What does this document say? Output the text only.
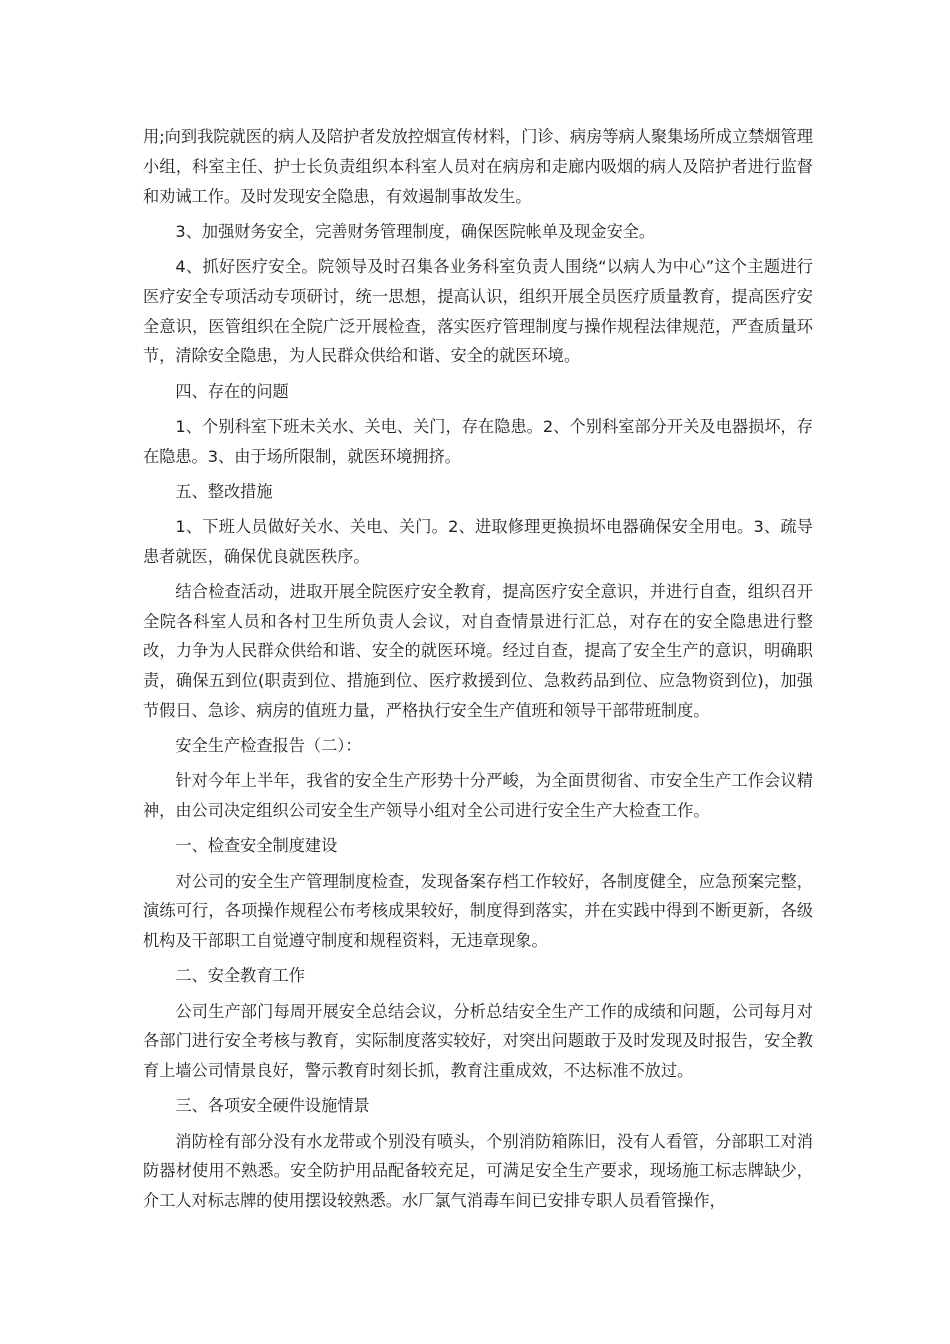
用;向到我院就医的病人及陪护者发放控烟宣传材料，门诊、病房等病人聚集场所成立禁烟管理小组，科室主任、护士长负责组织本科室人员对在病房和走廊内吸烟的病人及陪护者进行监督和劝诫工作。及时发现安全隐患，有效遏制事故发生。

3、加强财务安全，完善财务管理制度，确保医院帐单及现金安全。

4、抓好医疗安全。院领导及时召集各业务科室负责人围绕“以病人为中心”这个主题进行医疗安全专项活动专项研讨，统一思想，提高认识，组织开展全员医疗质量教育，提高医疗安全意识，医管组织在全院广泛开展检查，落实医疗管理制度与操作规程法律规范，严查质量环节，清除安全隐患，为人民群众供给和谐、安全的就医环境。

四、存在的问题

1、个别科室下班未关水、关电、关门，存在隐患。2、个别科室部分开关及电器损坏，存在隐患。3、由于场所限制，就医环境拥挤。

五、整改措施

1、下班人员做好关水、关电、关门。2、进取修理更换损坏电器确保安全用电。3、疏导患者就医，确保优良就医秩序。

结合检查活动，进取开展全院医疗安全教育，提高医疗安全意识，并进行自查，组织召开全院各科室人员和各村卫生所负责人会议，对自查情景进行汇总，对存在的安全隐患进行整改，力争为人民群众供给和谐、安全的就医环境。经过自查，提高了安全生产的意识，明确职责，确保五到位(职责到位、措施到位、医疗救援到位、急救药品到位、应急物资到位)，加强节假日、急诊、病房的值班力量，严格执行安全生产值班和领导干部带班制度。

安全生产检查报告（二）：

针对今年上半年，我省的安全生产形势十分严峻，为全面贯彻省、市安全生产工作会议精神，由公司决定组织公司安全生产领导小组对全公司进行安全生产大检查工作。

一、检查安全制度建设

对公司的安全生产管理制度检查，发现备案存档工作较好，各制度健全，应急预案完整，演练可行，各项操作规程公布考核成果较好，制度得到落实，并在实践中得到不断更新，各级机构及干部职工自觉遵守制度和规程资料，无违章现象。

二、安全教育工作

公司生产部门每周开展安全总结会议，分析总结安全生产工作的成绩和问题，公司每月对各部门进行安全考核与教育，实际制度落实较好，对突出问题敢于及时发现及时报告，安全教育上墙公司情景良好，警示教育时刻长抓，教育注重成效，不达标准不放过。

三、各项安全硬件设施情景

消防栓有部分没有水龙带或个别没有喷头，个别消防箱陈旧，没有人看管，分部职工对消防器材使用不熟悉。安全防护用品配备较充足，可满足安全生产要求，现场施工标志牌缺少，介工人对标志牌的使用摆设较熟悉。水厂氯气消毒车间已安排专职人员看管操作，
